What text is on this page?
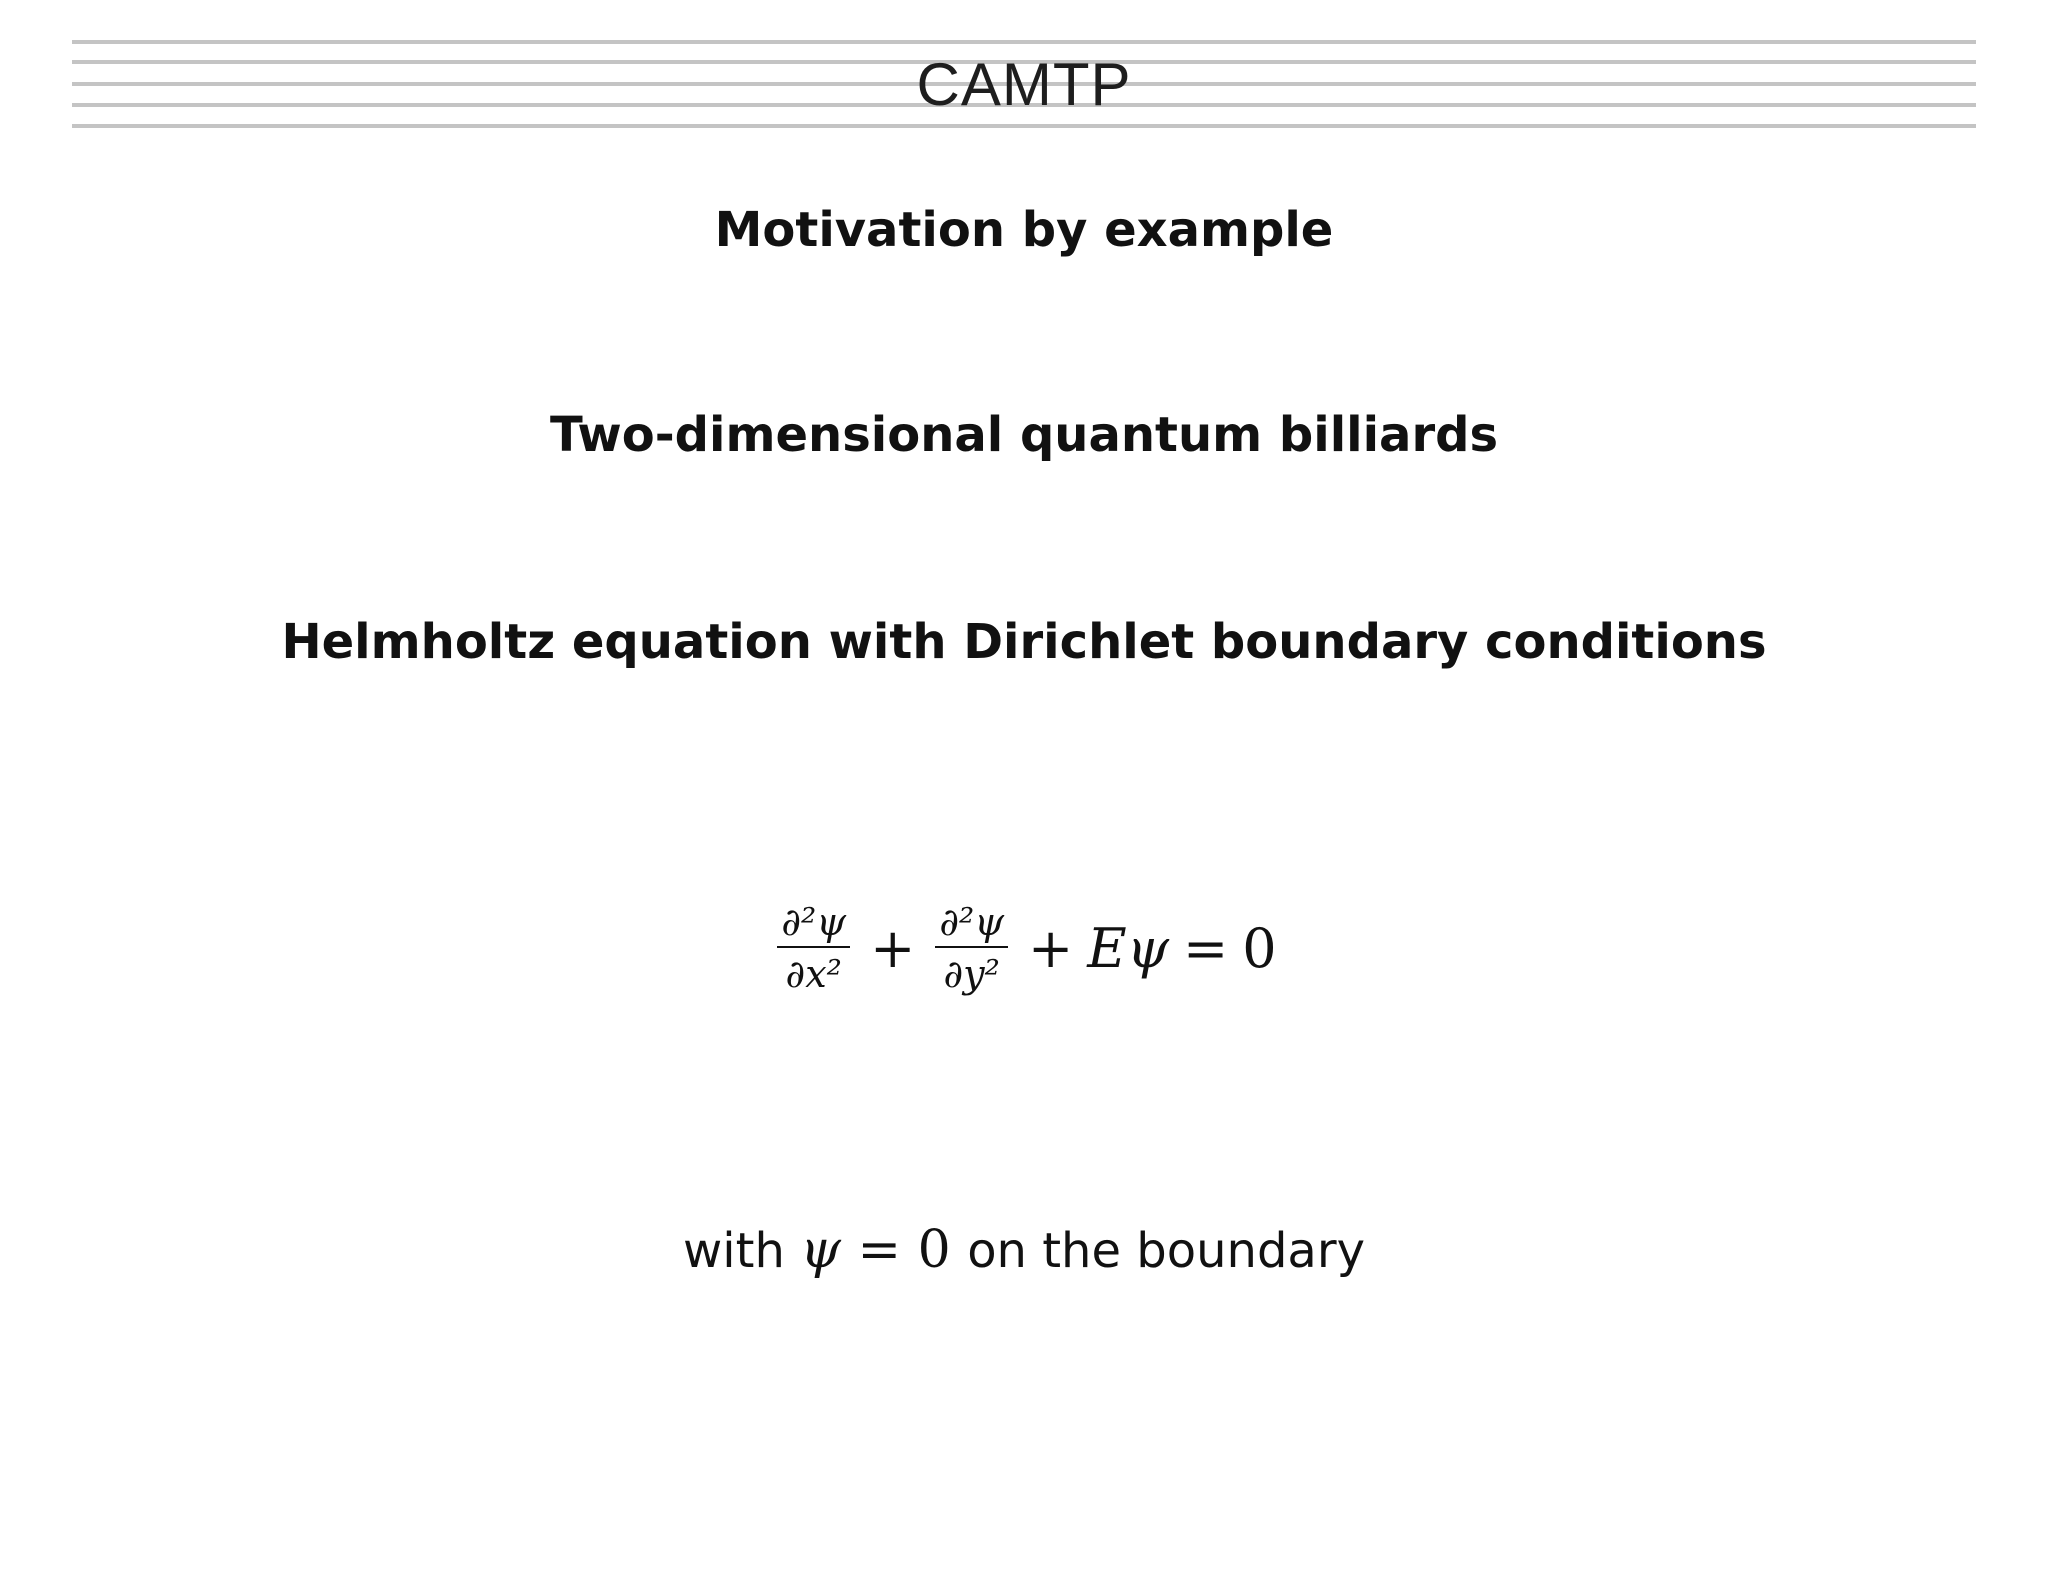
CAMTP
Motivation by example
Two-dimensional quantum billiards
Helmholtz equation with Dirichlet boundary conditions
$\frac{\text{∂²ψ}}{\text{∂x²}} + \frac{\text{∂²ψ}}{\text{∂y²}} + E\psi = 0$
with ψ = 0 on the boundary
